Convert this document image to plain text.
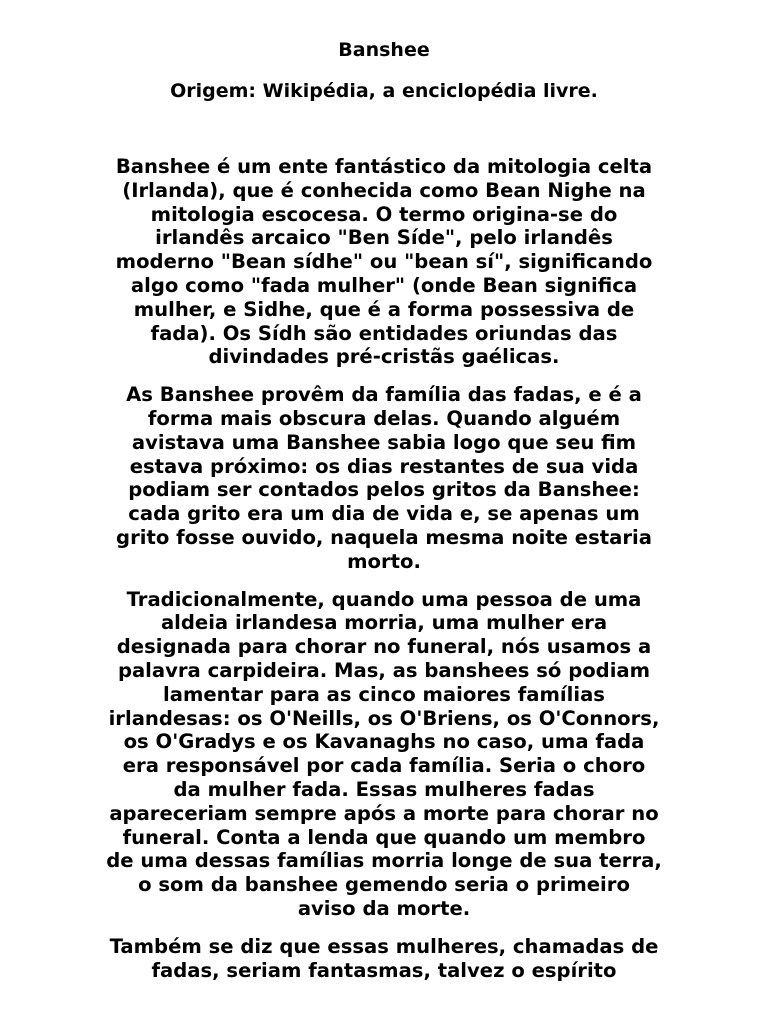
Banshee
Origem: Wikipédia, a enciclopédia livre.

Banshee é um ente fantástico da mitologia celta (Irlanda), que é conhecida como Bean Nighe na mitologia escocesa. O termo origina-se do irlandês arcaico "Ben Síde", pelo irlandês moderno "Bean sídhe" ou "bean sí", significando algo como "fada mulher" (onde Bean significa mulher, e Sidhe, que é a forma possessiva de fada). Os Sídh são entidades oriundas das divindades pré-cristãs gaélicas.

As Banshee provêm da família das fadas, e é a forma mais obscura delas. Quando alguém avistava uma Banshee sabia logo que seu fim estava próximo: os dias restantes de sua vida podiam ser contados pelos gritos da Banshee: cada grito era um dia de vida e, se apenas um grito fosse ouvido, naquela mesma noite estaria morto.

Tradicionalmente, quando uma pessoa de uma aldeia irlandesa morria, uma mulher era designada para chorar no funeral, nós usamos a palavra carpideira. Mas, as banshees só podiam lamentar para as cinco maiores famílias irlandesas: os O'Neills, os O'Briens, os O'Connors, os O'Gradys e os Kavanaghs no caso, uma fada era responsável por cada família. Seria o choro da mulher fada. Essas mulheres fadas apareceriam sempre após a morte para chorar no funeral. Conta a lenda que quando um membro de uma dessas famílias morria longe de sua terra, o som da banshee gemendo seria o primeiro aviso da morte.

Também se diz que essas mulheres, chamadas de fadas, seriam fantasmas, talvez o espírito
